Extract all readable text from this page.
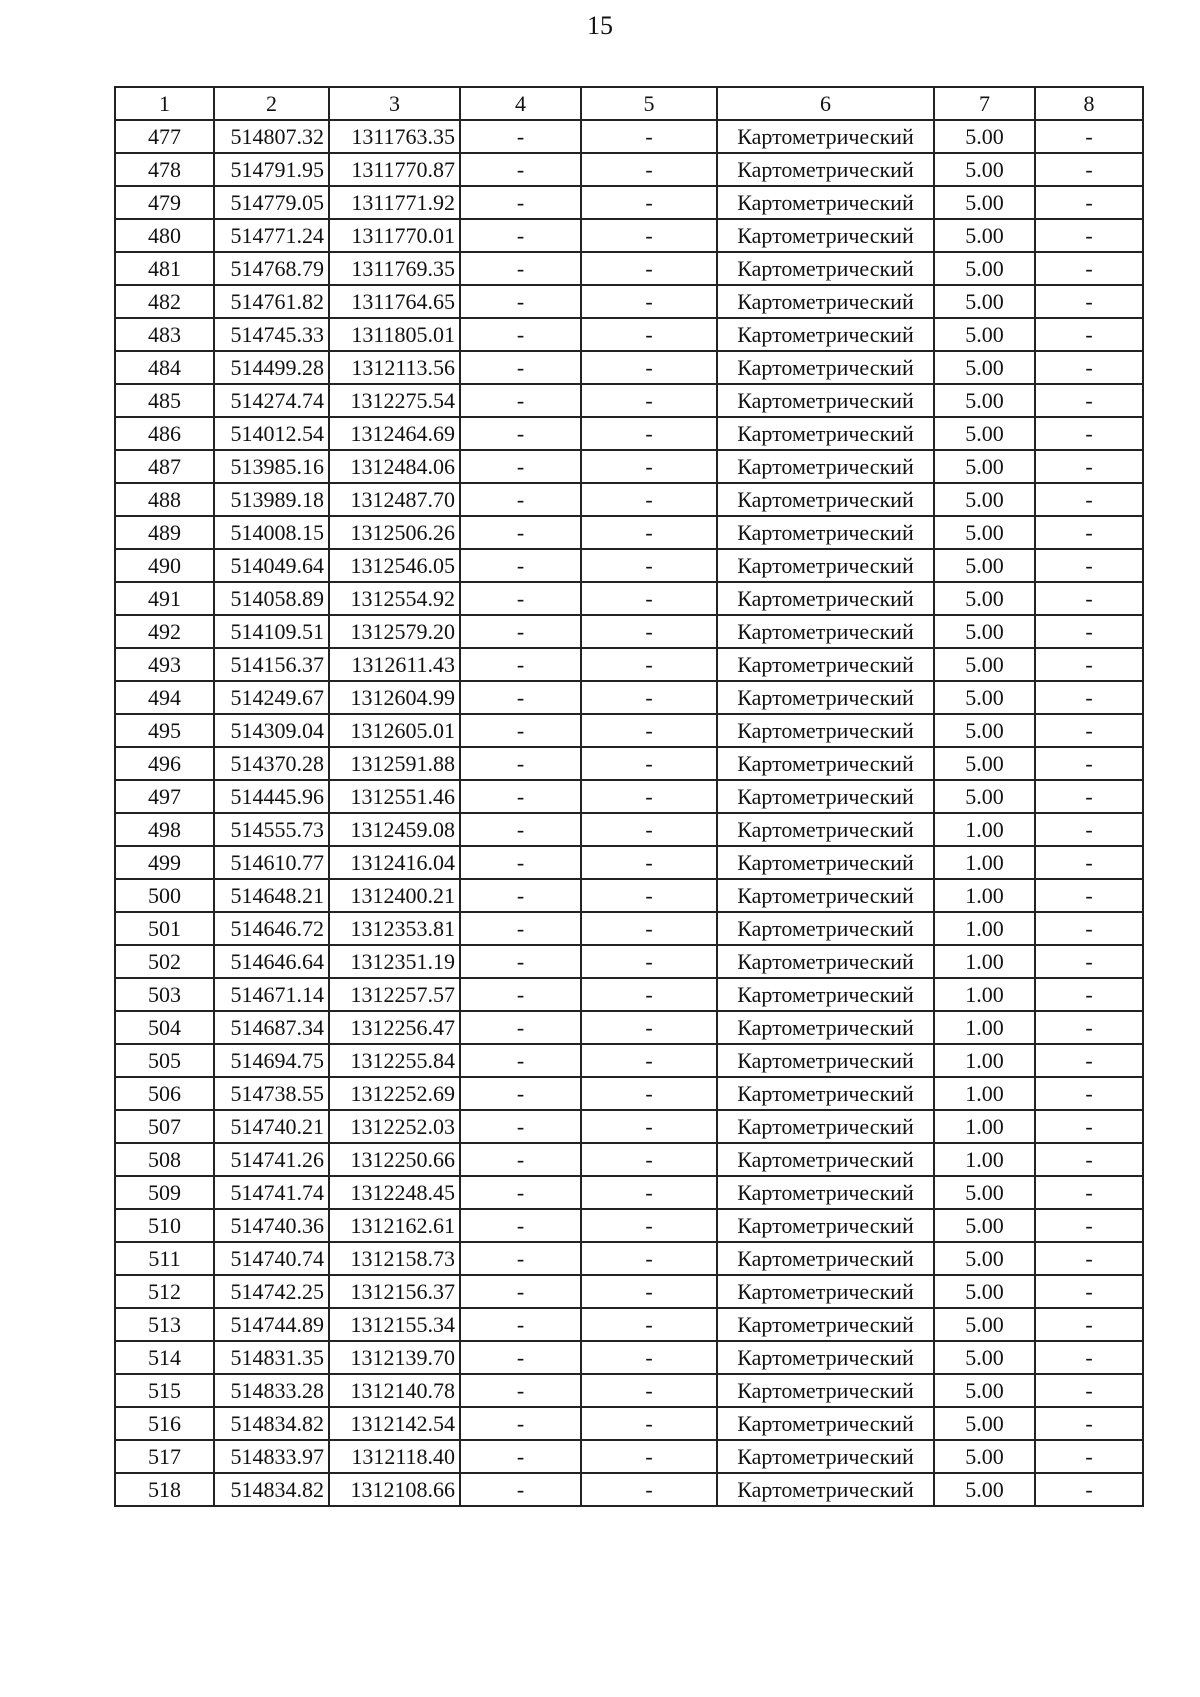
15
1	2	3	4	5	6	7	8
477	514807.32	1311763.35	-	-	Картометрический	5.00	-
478	514791.95	1311770.87	-	-	Картометрический	5.00	-
479	514779.05	1311771.92	-	-	Картометрический	5.00	-
480	514771.24	1311770.01	-	-	Картометрический	5.00	-
481	514768.79	1311769.35	-	-	Картометрический	5.00	-
482	514761.82	1311764.65	-	-	Картометрический	5.00	-
483	514745.33	1311805.01	-	-	Картометрический	5.00	-
484	514499.28	1312113.56	-	-	Картометрический	5.00	-
485	514274.74	1312275.54	-	-	Картометрический	5.00	-
486	514012.54	1312464.69	-	-	Картометрический	5.00	-
487	513985.16	1312484.06	-	-	Картометрический	5.00	-
488	513989.18	1312487.70	-	-	Картометрический	5.00	-
489	514008.15	1312506.26	-	-	Картометрический	5.00	-
490	514049.64	1312546.05	-	-	Картометрический	5.00	-
491	514058.89	1312554.92	-	-	Картометрический	5.00	-
492	514109.51	1312579.20	-	-	Картометрический	5.00	-
493	514156.37	1312611.43	-	-	Картометрический	5.00	-
494	514249.67	1312604.99	-	-	Картометрический	5.00	-
495	514309.04	1312605.01	-	-	Картометрический	5.00	-
496	514370.28	1312591.88	-	-	Картометрический	5.00	-
497	514445.96	1312551.46	-	-	Картометрический	5.00	-
498	514555.73	1312459.08	-	-	Картометрический	1.00	-
499	514610.77	1312416.04	-	-	Картометрический	1.00	-
500	514648.21	1312400.21	-	-	Картометрический	1.00	-
501	514646.72	1312353.81	-	-	Картометрический	1.00	-
502	514646.64	1312351.19	-	-	Картометрический	1.00	-
503	514671.14	1312257.57	-	-	Картометрический	1.00	-
504	514687.34	1312256.47	-	-	Картометрический	1.00	-
505	514694.75	1312255.84	-	-	Картометрический	1.00	-
506	514738.55	1312252.69	-	-	Картометрический	1.00	-
507	514740.21	1312252.03	-	-	Картометрический	1.00	-
508	514741.26	1312250.66	-	-	Картометрический	1.00	-
509	514741.74	1312248.45	-	-	Картометрический	5.00	-
510	514740.36	1312162.61	-	-	Картометрический	5.00	-
511	514740.74	1312158.73	-	-	Картометрический	5.00	-
512	514742.25	1312156.37	-	-	Картометрический	5.00	-
513	514744.89	1312155.34	-	-	Картометрический	5.00	-
514	514831.35	1312139.70	-	-	Картометрический	5.00	-
515	514833.28	1312140.78	-	-	Картометрический	5.00	-
516	514834.82	1312142.54	-	-	Картометрический	5.00	-
517	514833.97	1312118.40	-	-	Картометрический	5.00	-
518	514834.82	1312108.66	-	-	Картометрический	5.00	-
